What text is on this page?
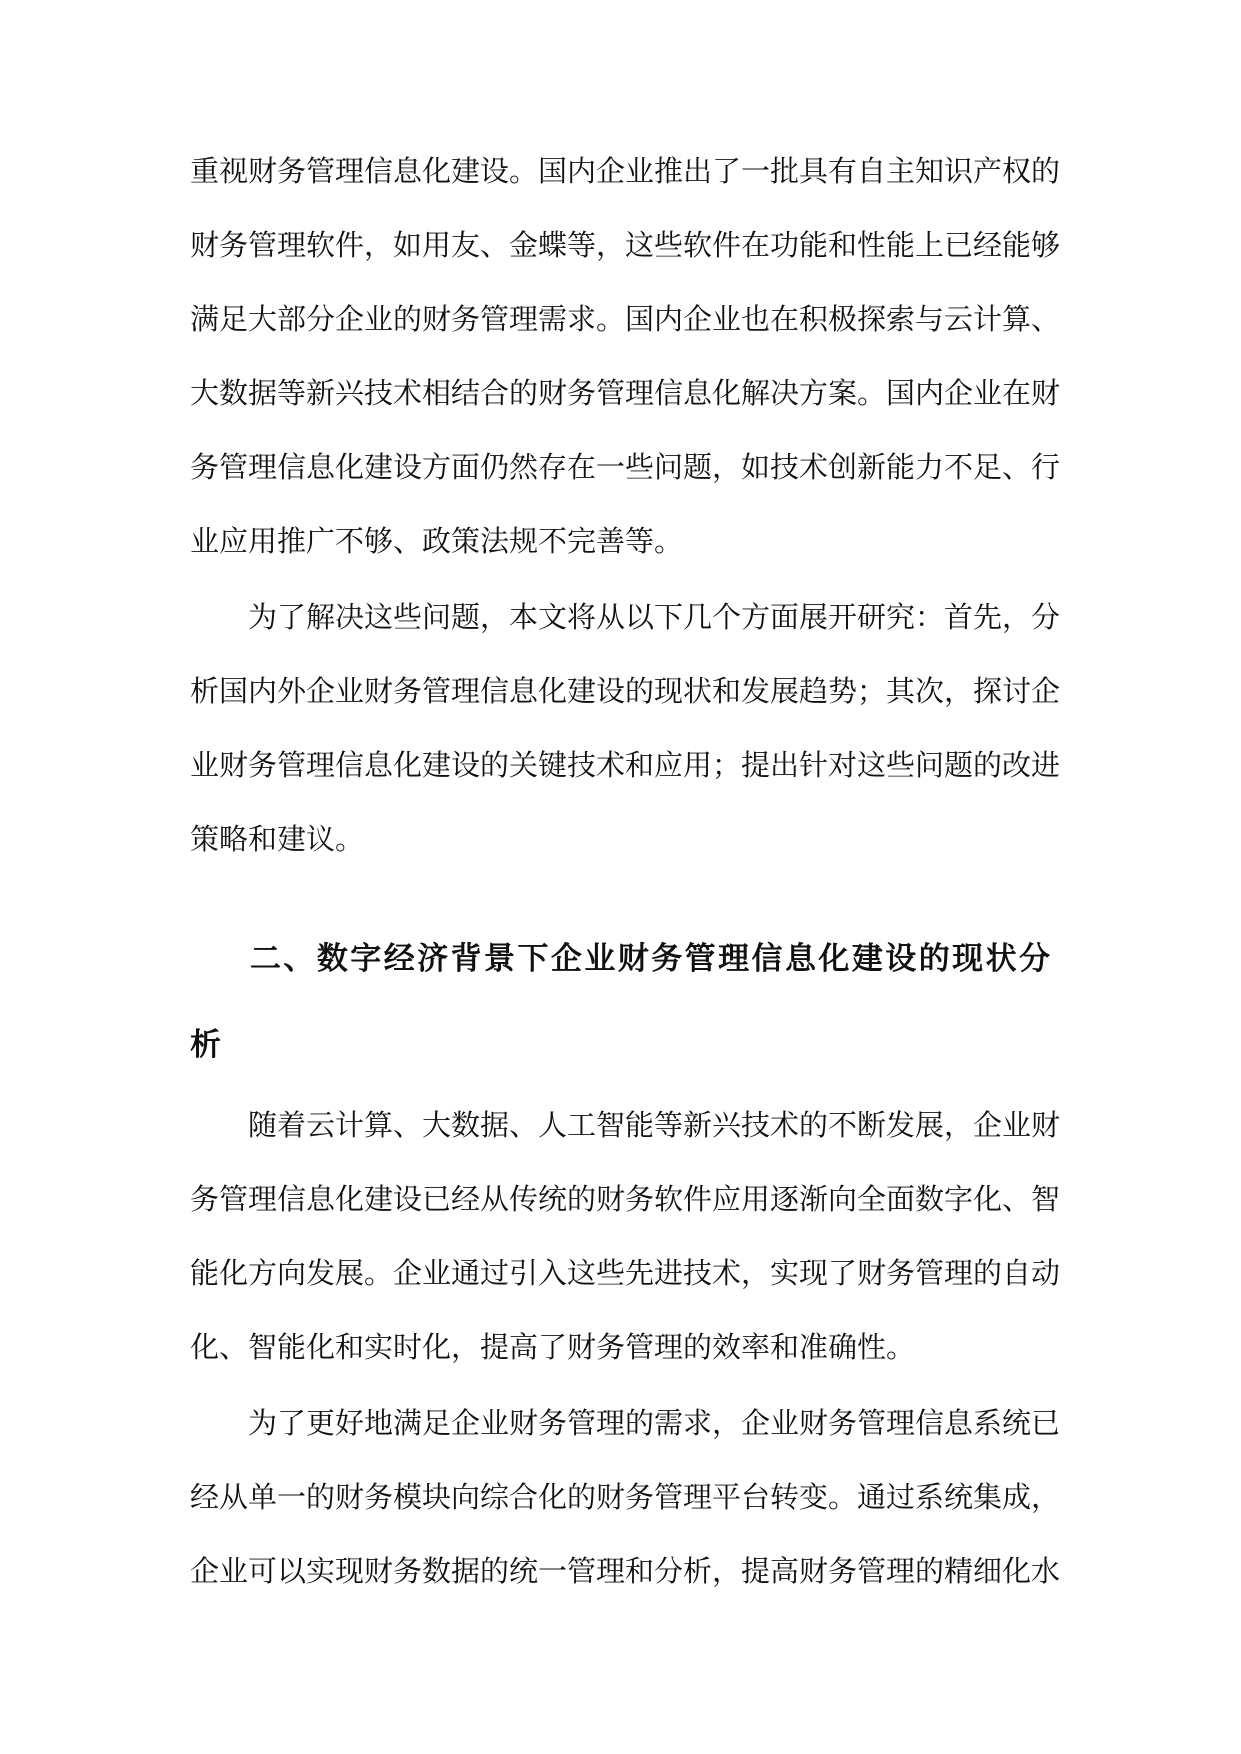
重视财务管理信息化建设。国内企业推出了一批具有自主知识产权的
财务管理软件，如用友、金蝶等，这些软件在功能和性能上已经能够
满足大部分企业的财务管理需求。国内企业也在积极探索与云计算、
大数据等新兴技术相结合的财务管理信息化解决方案。国内企业在财
务管理信息化建设方面仍然存在一些问题，如技术创新能力不足、行
业应用推广不够、政策法规不完善等。
为了解决这些问题，本文将从以下几个方面展开研究：首先，分
析国内外企业财务管理信息化建设的现状和发展趋势；其次，探讨企
业财务管理信息化建设的关键技术和应用；提出针对这些问题的改进
策略和建议。
二、数字经济背景下企业财务管理信息化建设的现状分
析
随着云计算、大数据、人工智能等新兴技术的不断发展，企业财
务管理信息化建设已经从传统的财务软件应用逐渐向全面数字化、智
能化方向发展。企业通过引入这些先进技术，实现了财务管理的自动
化、智能化和实时化，提高了财务管理的效率和准确性。
为了更好地满足企业财务管理的需求，企业财务管理信息系统已
经从单一的财务模块向综合化的财务管理平台转变。通过系统集成，
企业可以实现财务数据的统一管理和分析，提高财务管理的精细化水
